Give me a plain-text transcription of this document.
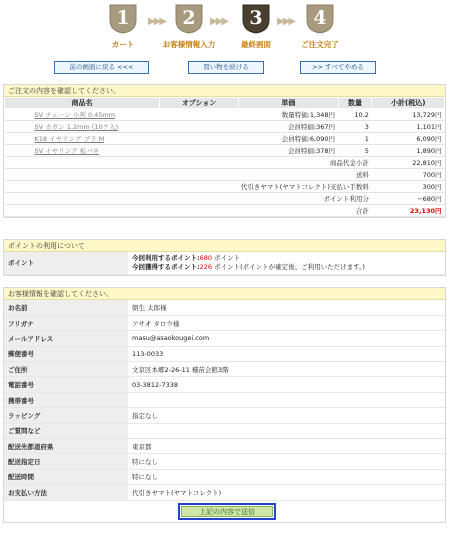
1
カート
▶▶▶ 2
お客様情報入力
▶▶▶	3
最終画面
▶▶▶	4
ご注文完了
前の画面に戻る <<<	買い物を続ける	>> すべてやめる
ご注文の内容を確認してください。
商品名	オプション	単価	数量	小計(税込)
SV チェーン 小判 0.45mm		数量特価:1,348円	10.2	13,729円
SV カガン 1.2mm (10ケ入)		会員特価:367円	3	1,101円
K18 イヤリング ブラ M		会員特価:6,090円	1	6,090円
SV イヤリング 板バネ		会員特価:378円	5	1,890円
商品代金小計				22,810円
送料				700円
代引きヤマト(ヤマトコレクト)支払い手数料				300円
ポイント利用分				−680円
合計				23,130円
ポイントの利用について
ポイント	
今回利用するポイント:680 ポイント
今回獲得するポイント:226 ポイント(ポイントが確定後、ご利用いただけます。)
お客様情報を確認してください。
お名前	朝生 太郎様
フリガナ	アサオ タロウ様
メールアドレス	masu@asaokougei.com
郵便番号	113-0033
ご住所	文京区本郷2-26-11 種苗会館3階
電話番号	03-3812-7338
携帯番号	
ラッピング	指定なし
ご質問など	
配送先都道府県	東京都
配送指定日	特になし
配送時間	特になし
お支払い方法	代引きヤマト(ヤマトコレクト)
上記の内容で送信
